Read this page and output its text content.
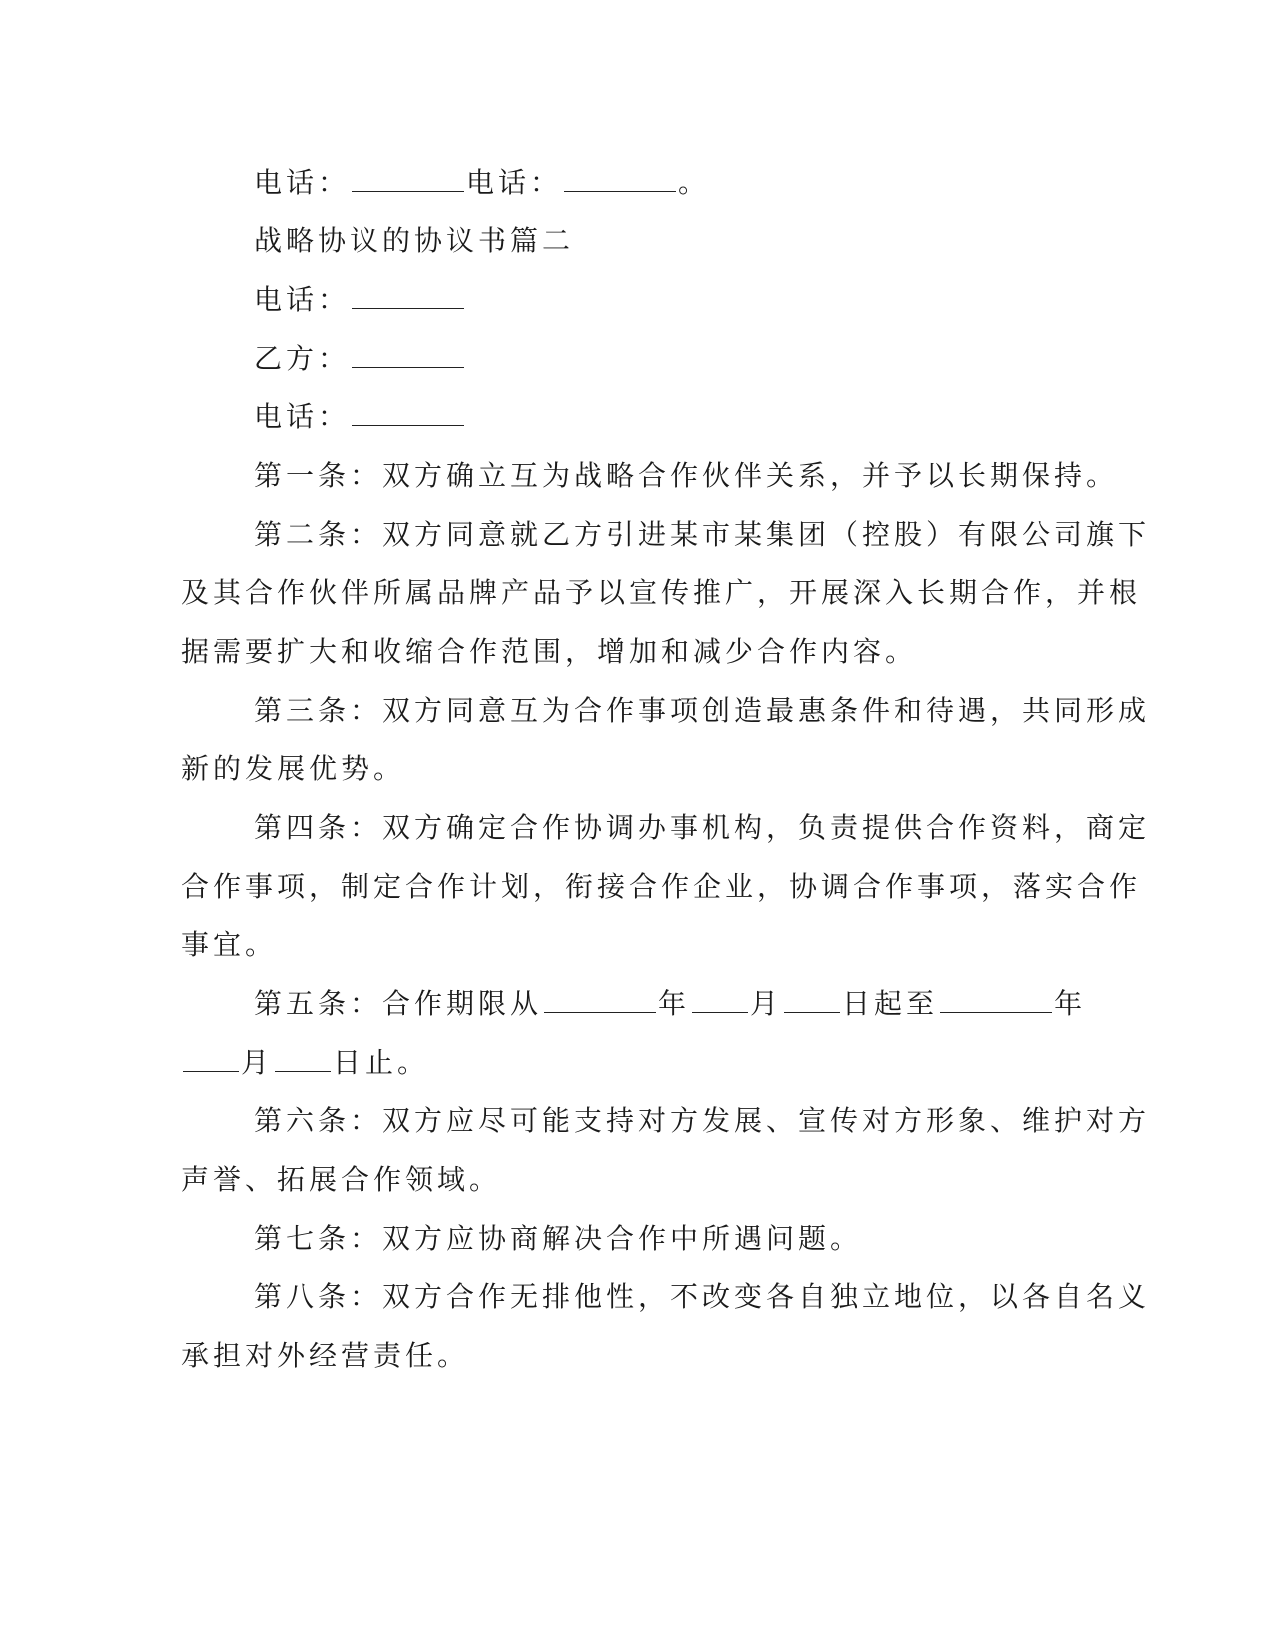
电话：	电话：	。
战略协议的协议书篇二
电话：
乙方：
电话：
第一条：双方确立互为战略合作伙伴关系，并予以长期保持。
第二条：双方同意就乙方引进某市某集团（控股）有限公司旗下
及其合作伙伴所属品牌产品予以宣传推广，开展深入长期合作，并根
据需要扩大和收缩合作范围，增加和减少合作内容。
第三条：双方同意互为合作事项创造最惠条件和待遇，共同形成
新的发展优势。
第四条：双方确定合作协调办事机构，负责提供合作资料，商定
合作事项，制定合作计划，衔接合作企业，协调合作事项，落实合作
事宜。
第五条：合作期限从	年 月 日起至	年
月 日止。
第六条：双方应尽可能支持对方发展、宣传对方形象、维护对方
声誉、拓展合作领域。
第七条：双方应协商解决合作中所遇问题。
第八条：双方合作无排他性，不改变各自独立地位，以各自名义
承担对外经营责任。
